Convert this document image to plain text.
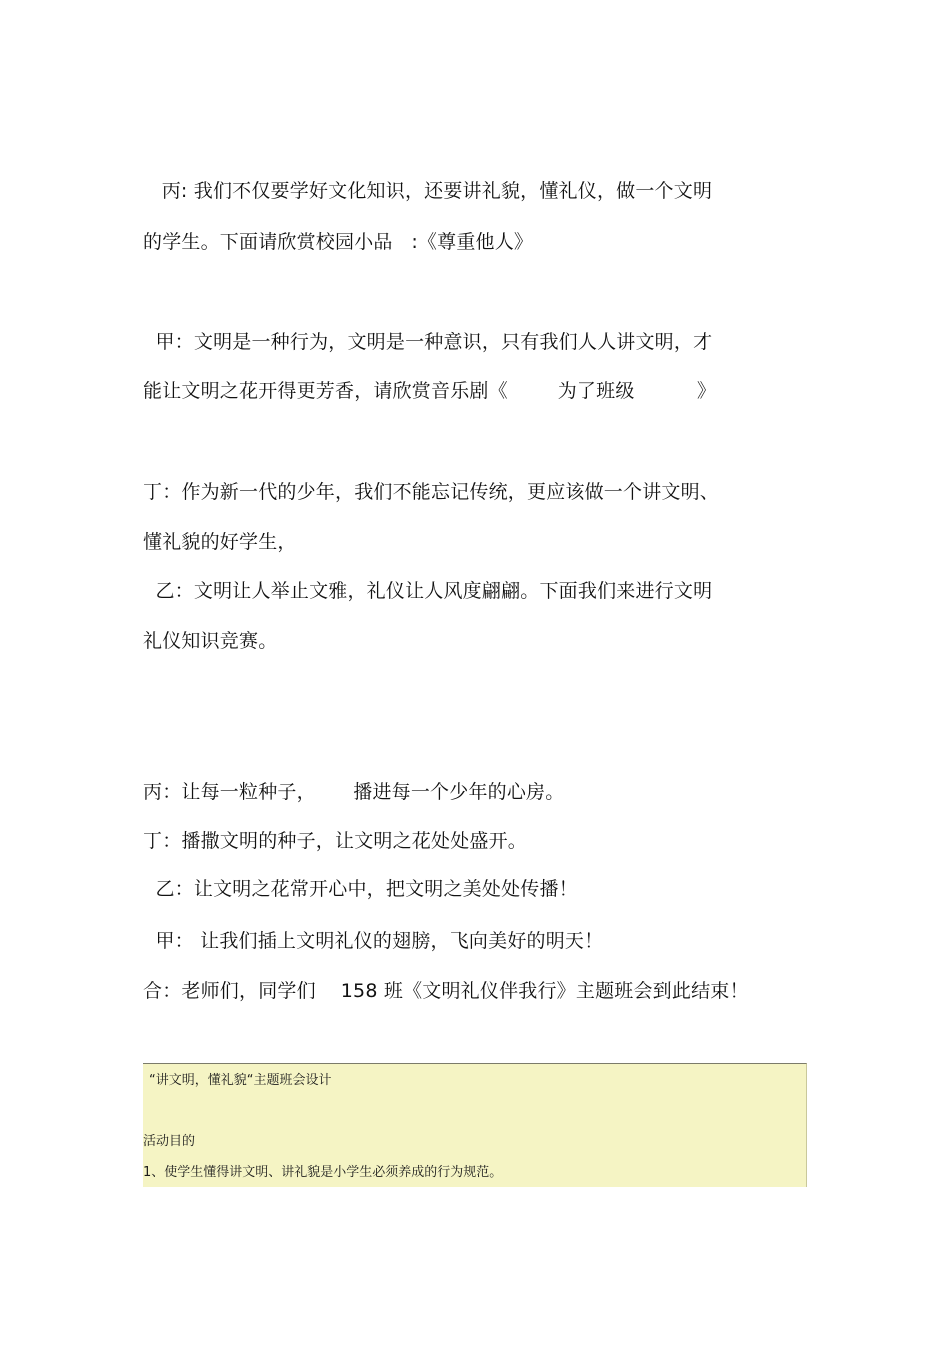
丙: 我们不仅要学好文化知识，还要讲礼貌，懂礼仪，做一个文明

的学生。下面请欣赏校园小品   :《尊重他人》

甲：文明是一种行为，文明是一种意识，只有我们人人讲文明，才

能让文明之花开得更芳香，请欣赏音乐剧《        为了班级          》

丁：作为新一代的少年，我们不能忘记传统，更应该做一个讲文明、

懂礼貌的好学生，

乙：文明让人举止文雅，礼仪让人风度翩翩。下面我们来进行文明

礼仪知识竞赛。

丙：让每一粒种子，      播进每一个少年的心房。

丁：播撒文明的种子，让文明之花处处盛开。

乙：让文明之花常开心中，把文明之美处处传播！

甲： 让我们插上文明礼仪的翅膀，飞向美好的明天！

合：老师们，同学们    158 班《文明礼仪伴我行》主题班会到此结束！

“讲文明，懂礼貌“主题班会设计

活动目的

1、使学生懂得讲文明、讲礼貌是小学生必须养成的行为规范。
